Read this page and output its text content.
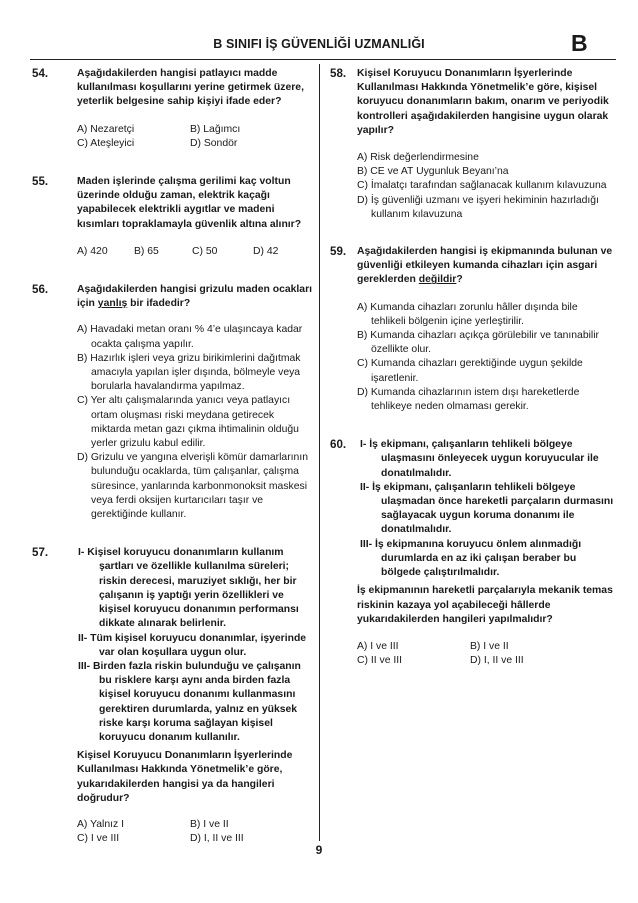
B SINIFI İŞ GÜVENLİĞİ UZMANLIĞI	B
54.	Aşağıdakilerden hangisi patlayıcı madde kullanılması koşullarını yerine getirmek üzere, yeterlik belgesine sahip kişiyi ifade eder?
A) Nezaretçi	B) Lağımcı
C) Ateşleyici	D) Sondör
55.	Maden işlerinde çalışma gerilimi kaç voltun üzerinde olduğu zaman, elektrik kaçağı yapabilecek elektrikli aygıtlar ve madeni kısımları topraklamayla güvenlik altına alınır?
A) 420	B) 65	C) 50	D) 42
56.	Aşağıdakilerden hangisi grizulu maden ocakları için yanlış bir ifadedir?
A) Havadaki metan oranı % 4’e ulaşıncaya kadar ocakta çalışma yapılır.
B) Hazırlık işleri veya grizu birikimlerini dağıtmak amacıyla yapılan işler dışında, bölmeyle veya borularla havalandırma yapılmaz.
C) Yer altı çalışmalarında yanıcı veya patlayıcı ortam oluşması riski meydana getirecek miktarda metan gazı çıkma ihtimalinin olduğu yerler grizulu kabul edilir.
D) Grizulu ve yangına elverişli kömür damarlarının bulunduğu ocaklarda, tüm çalışanlar, çalışma süresince, yanlarında karbonmonoksit maskesi veya ferdi oksijen kurtarıcıları taşır ve gerektiğinde kullanır.
57.	I- Kişisel koruyucu donanımların kullanım şartları ve özellikle kullanılma süreleri; riskin derecesi, maruziyet sıklığı, her bir çalışanın iş yaptığı yerin özellikleri ve kişisel koruyucu donanımın performansı dikkate alınarak belirlenir.
II- Tüm kişisel koruyucu donanımlar, işyerinde var olan koşullara uygun olur.
III- Birden fazla riskin bulunduğu ve çalışanın bu risklere karşı aynı anda birden fazla kişisel koruyucu donanımı kullanmasını gerektiren durumlarda, yalnız en yüksek riske karşı koruma sağlayan kişisel koruyucu donanım kullanılır.
Kişisel Koruyucu Donanımların İşyerlerinde Kullanılması Hakkında Yönetmelik’e göre, yukarıdakilerden hangisi ya da hangileri doğrudur?
A) Yalnız I	B) I ve II
C) I ve III	D) I, II ve III
58. Kişisel Koruyucu Donanımların İşyerlerinde Kullanılması Hakkında Yönetmelik’e göre, kişisel koruyucu donanımların bakım, onarım ve periyodik kontrolleri aşağıdakilerden hangisine uygun olarak yapılır?
A) Risk değerlendirmesine
B) CE ve AT Uygunluk Beyanı’na
C) İmalatçı tarafından sağlanacak kullanım kılavuzuna
D) İş güvenliği uzmanı ve işyeri hekiminin hazırladığı kullanım kılavuzuna
59. Aşağıdakilerden hangisi iş ekipmanında bulunan ve güvenliği etkileyen kumanda cihazları için asgari gereklerden değildir?
A) Kumanda cihazları zorunlu hâller dışında bile tehlikeli bölgenin içine yerleştirilir.
B) Kumanda cihazları açıkça görülebilir ve tanınabilir özellikte olur.
C) Kumanda cihazları gerektiğinde uygun şekilde işaretlenir.
D) Kumanda cihazlarının istem dışı hareketlerde tehlikeye neden olmaması gerekir.
60. I- İş ekipmanı, çalışanların tehlikeli bölgeye ulaşmasını önleyecek uygun koruyucular ile donatılmalıdır.
II- İş ekipmanı, çalışanların tehlikeli bölgeye ulaşmadan önce hareketli parçaların durmasını sağlayacak uygun koruma donanımı ile donatılmalıdır.
III- İş ekipmanına koruyucu önlem alınmadığı durumlarda en az iki çalışan beraber bu bölgede çalıştırılmalıdır.
İş ekipmanının hareketli parçalarıyla mekanik temas riskinin kazaya yol açabileceği hâllerde yukarıdakilerden hangileri yapılmalıdır?
A) I ve III	B) I ve II
C) II ve III	D) I, II ve III
9
